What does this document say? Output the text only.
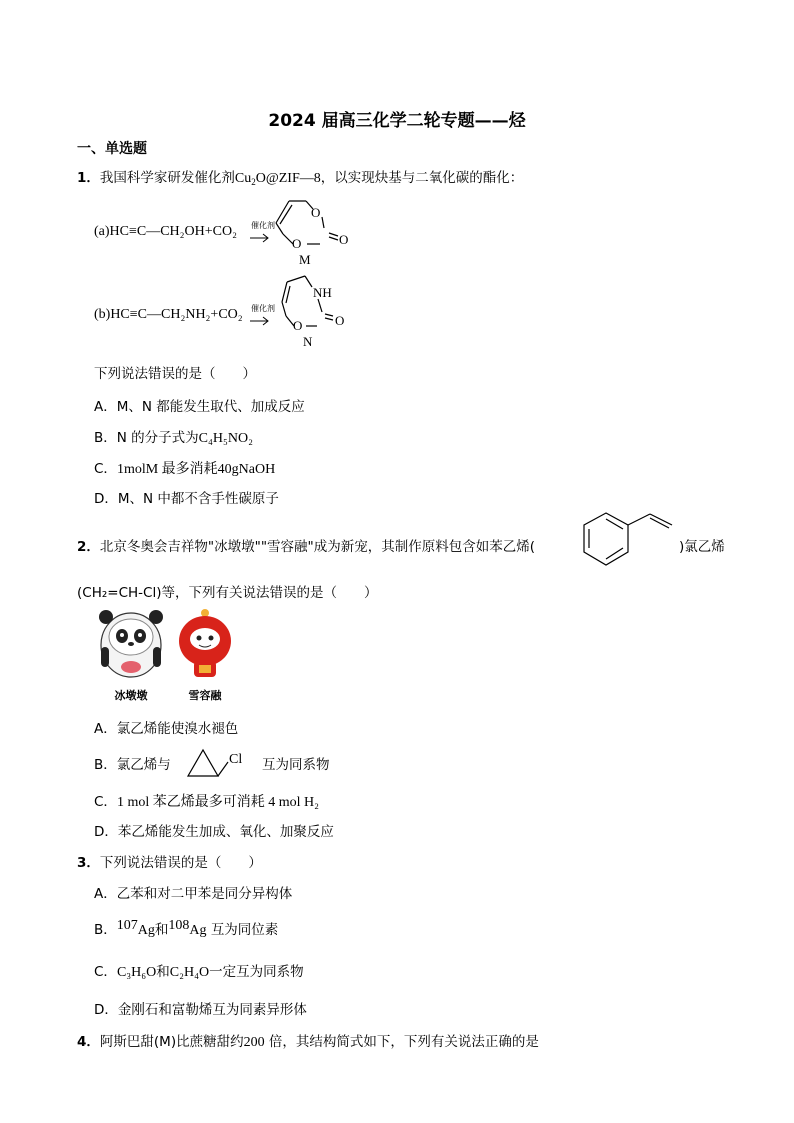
2024 届高三化学二轮专题——烃
一、单选题
1．我国科学家研发催化剂$Cu_2O@ZIF—8$，以实现炔基与二氧化碳的酯化：
(a)HC≡C—CH₂OH+CO₂
(b)HC≡C—CH₂NH₂+CO₂
催化剂
O
O	O
M
催化剂
NH
O	O
N
下列说法错误的是（　　）
A．M、N 都能发生取代、加成反应
B．N 的分子式为C₄H₅NO₂
C．1molM 最多消耗40gNaOH
D．M、N 中都不含手性碳原子
2．北京冬奥会吉祥物"冰墩墩""雪容融"成为新宠，其制作原料包含如苯乙烯(	)氯乙烯
(CH₂=CH-Cl)等，下列有关说法错误的是（　　）
冰墩墩	雪容融
A．氯乙烯能使溴水褪色
B．氯乙烯与	Cl 互为同系物
C．1 mol 苯乙烯最多可消耗 4 mol H₂
D．苯乙烯能发生加成、氧化、加聚反应
3．下列说法错误的是（　　）
A．乙苯和对二甲苯是同分异构体
B．$^{107}$Ag和$^{108}$Ag 互为同位素
C．C₃H₆O和C₂H₄O一定互为同系物
D．金刚石和富勒烯互为同素异形体
4．阿斯巴甜(M)比蔗糖甜约200 倍，其结构简式如下，下列有关说法正确的是
